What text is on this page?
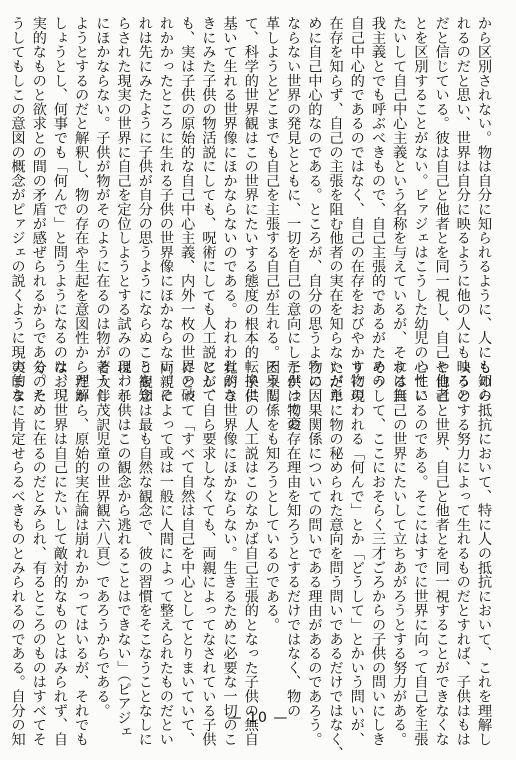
から区別されない。物は自分に知られるように、人にも知ら
れるのだと思い、世界は自分に映るように他の人にも映るの
だと信じている。彼は自己と他者とを同一視し、自己と他者
とを区別することがない。ピァジェはこうした幼児の心性に
たいして自己中心主義という名称を与えているが、それは無
我主義とでも呼ぶべきもので、自己主張的であるがための
自己中心的であるのではなく、自己の在存をおびやかす物の
在存を知らず、自己の主張を阻む他者の実在を知らないがた
めに自己中心的なのである。ところが、自分の思うように
ならない世界の発見とともに、一切を自己の意向にしたがって変
革しようとどこまでも自己を主張する自己が生れる。そうし
て、科学的世界観はこの世界にたいする態度の根本的転換に
基いて生れる世界像にほかならないのである。われわれがさ
きにみた子供の物活説にしても、呪術にしても人工説にして
も、実は子供の原始的な自己中心主義、内外一枚の世界の破
れかかったところに生れる子供の世界像にほかならない。そ
れは先にみたように子供が自分の思うようにならぬことを知
らされた現実の世界に自己を定位しようとする試みの現われ
にほかならない。子供が物がそのように在るのは物がそうし
ようとするのだと解釈し、物の存在や生起を意図性から理解
しょうとし、何事でも「何んで」と問うようになるのは、現
実的なものと欲求との間の矛盾が感ぜられるからである。そ
うしてもしこの意図の概念がピァジェの説くように現実的な
ものの抵抗において、特に人の抵抗において、これを理解し
ょうとする努力によって生れるものだとすれば、子供はもは
や自己と世界、自己と他者とを同一視することができなくな
っているのである。そこにはすでに世界に向って自己を主張
する自己の世界にたいして立ちあがろうとする努力がある。
そうして、ここにおそらく三才ごろからの子供の問いにしき
りに現われる「何んで」とか「どうして」とかいう問いが、
ただ単に物の秘められた意向を問う問いであるだけではなく、
物の因果関係についての問いである理由があるのであろう。
子供は物の存在理由を知ろうとするだけではなく、物の
因果関係をも知ろうとしているのである。
　子供の人工説はこのなかば自己主張的となった子供の無自
覚的な世界像にほかならない。生きるために必要な一切のこ
とが、自ら要求しなくても、両親によってなされている子供
にとって「すべて自然は自己を中心としてとりまいていて、
両親によって或は一般に人間によって整えられたものだとい
う観念は最も自然な観念で、彼の習慣をそこなうことなしに
は、子供はこの観念から逃れることはできない」（ピアジェ
著大伴茂訳児童の世界観六八頁）であろうからである。
　だから、原始的実在論は崩れかかってはいるが、それでも
なお、世界は自己にたいして敵対的なものとはみられず、自
分のために在るのだとみられ、有るところのものはすべてそ
のままに肯定せらるべきものとみられるのである。自分の知	— 10 —
